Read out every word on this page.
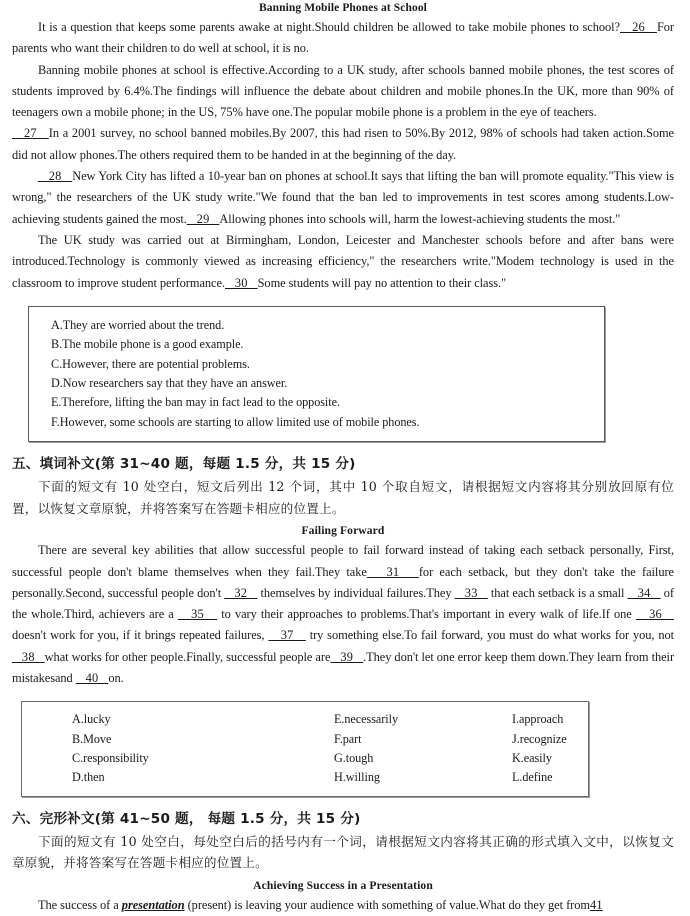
Banning Mobile Phones at School

It is a question that keeps some parents awake at night.Should children be allowed to take mobile phones to school?   26   For parents who want their children to do well at school, it is no.

Banning mobile phones at school is effective.According to a UK study, after schools banned mobile phones, the test scores of students improved by 6.4%.The findings will influence the debate about children and mobile phones.In the UK, more than 90% of teenagers own a mobile phone; in the US, 75% have one.The popular mobile phone is a problem in the eye of teachers.

27   In a 2001 survey, no school banned mobiles.By 2007, this had risen to 50%.By 2012, 98% of schools had taken action.Some did not allow phones.The others required them to be handed in at the beginning of the day.

28   New York City has lifted a 10-year ban on phones at school.It says that lifting the ban will promote equality."This view is wrong," the researchers of the UK study write."We found that the ban led to improvements in test scores among students.Low-achieving students gained the most.   29   Allowing phones into schools will, harm the lowest-achieving students the most."

The UK study was carried out at Birmingham, London, Leicester and Manchester schools before and after bans were introduced.Technology is commonly viewed as increasing efficiency," the researchers write."Modem technology is used in the classroom to improve student performance.   30   Some students will pay no attention to their class."

A.They are worried about the trend.
B.The mobile phone is a good example.
C.However, there are potential problems.
D.Now researchers say that they have an answer.
E.Therefore, lifting the ban may in fact lead to the opposite.
F.However, some schools are starting to allow limited use of mobile phones.
五、填词补文(第 31~40 题，每题 1.5 分，共 15 分)

下面的短文有 10 处空白，短文后列出 12 个词，其中 10 个取自短文，请根据短文内容将其分别放回原有位置，以恢复文章原貌，并将答案写在答题卡相应的位置上。

Failing Forward

There are several key abilities that allow successful people to fail forward instead of taking each setback personally, First, successful people don't blame themselves when they fail.They take   31   for each setback, but they don't take the failure personally.Second, successful people don't    32    themselves by individual failures.They    33    that each setback is a small    34    of the whole.Third, achievers are a    35    to vary their approaches to problems.That's important in every walk of life.If one    36    doesn't work for you, if it brings repeated failures,    37    try something else.To fail forward, you must do what works for you, not    38   what works for other people.Finally, successful people are   39   .They don't let one error keep them down.They learn from their mistakesand    40   on.

A.lucky
B.Move
C.responsibility
D.then
E.necessarily
F.part
G.tough
H.willing
I.approach
J.recognize
K.easily
L.define
六、完形补文(第 41~50 题， 每题 1.5 分，共 15 分)

下面的短文有 10 处空白，每处空白后的括号内有一个词，请根据短文内容将其正确的形式填入文中，以恢复文章原貌，并将答案写在答题卡相应的位置上。

Achieving Success in a Presentation

The success of a presentation (present) is leaving your audience with something of value.What do they get from41
